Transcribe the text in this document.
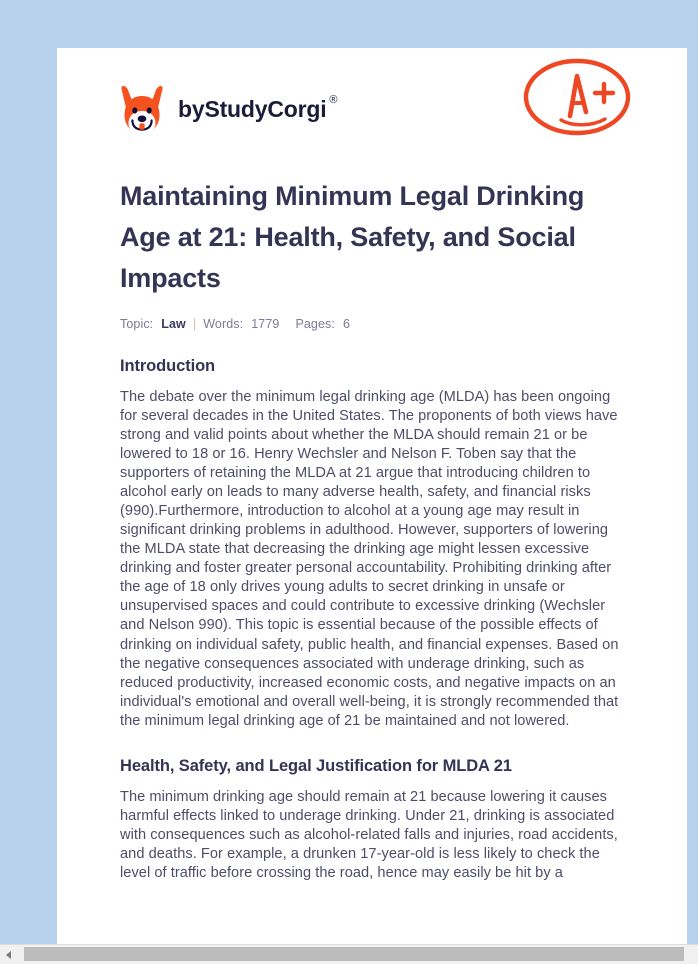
by StudyCorgi ®
Maintaining Minimum Legal Drinking Age at 21: Health, Safety, and Social Impacts
Topic: Law | Words: 1779 Pages: 6
Introduction

The debate over the minimum legal drinking age (MLDA) has been ongoing for several decades in the United States. The proponents of both views have strong and valid points about whether the MLDA should remain 21 or be lowered to 18 or 16. Henry Wechsler and Nelson F. Toben say that the supporters of retaining the MLDA at 21 argue that introducing children to alcohol early on leads to many adverse health, safety, and financial risks (990).Furthermore, introduction to alcohol at a young age may result in significant drinking problems in adulthood. However, supporters of lowering the MLDA state that decreasing the drinking age might lessen excessive drinking and foster greater personal accountability. Prohibiting drinking after the age of 18 only drives young adults to secret drinking in unsafe or unsupervised spaces and could contribute to excessive drinking (Wechsler and Nelson 990). This topic is essential because of the possible effects of drinking on individual safety, public health, and financial expenses. Based on the negative consequences associated with underage drinking, such as reduced productivity, increased economic costs, and negative impacts on an individual's emotional and overall well-being, it is strongly recommended that the minimum legal drinking age of 21 be maintained and not lowered.

Health, Safety, and Legal Justification for MLDA 21

The minimum drinking age should remain at 21 because lowering it causes harmful effects linked to underage drinking. Under 21, drinking is associated with consequences such as alcohol-related falls and injuries, road accidents, and deaths. For example, a drunken 17-year-old is less likely to check the level of traffic before crossing the road, hence may easily be hit by a
